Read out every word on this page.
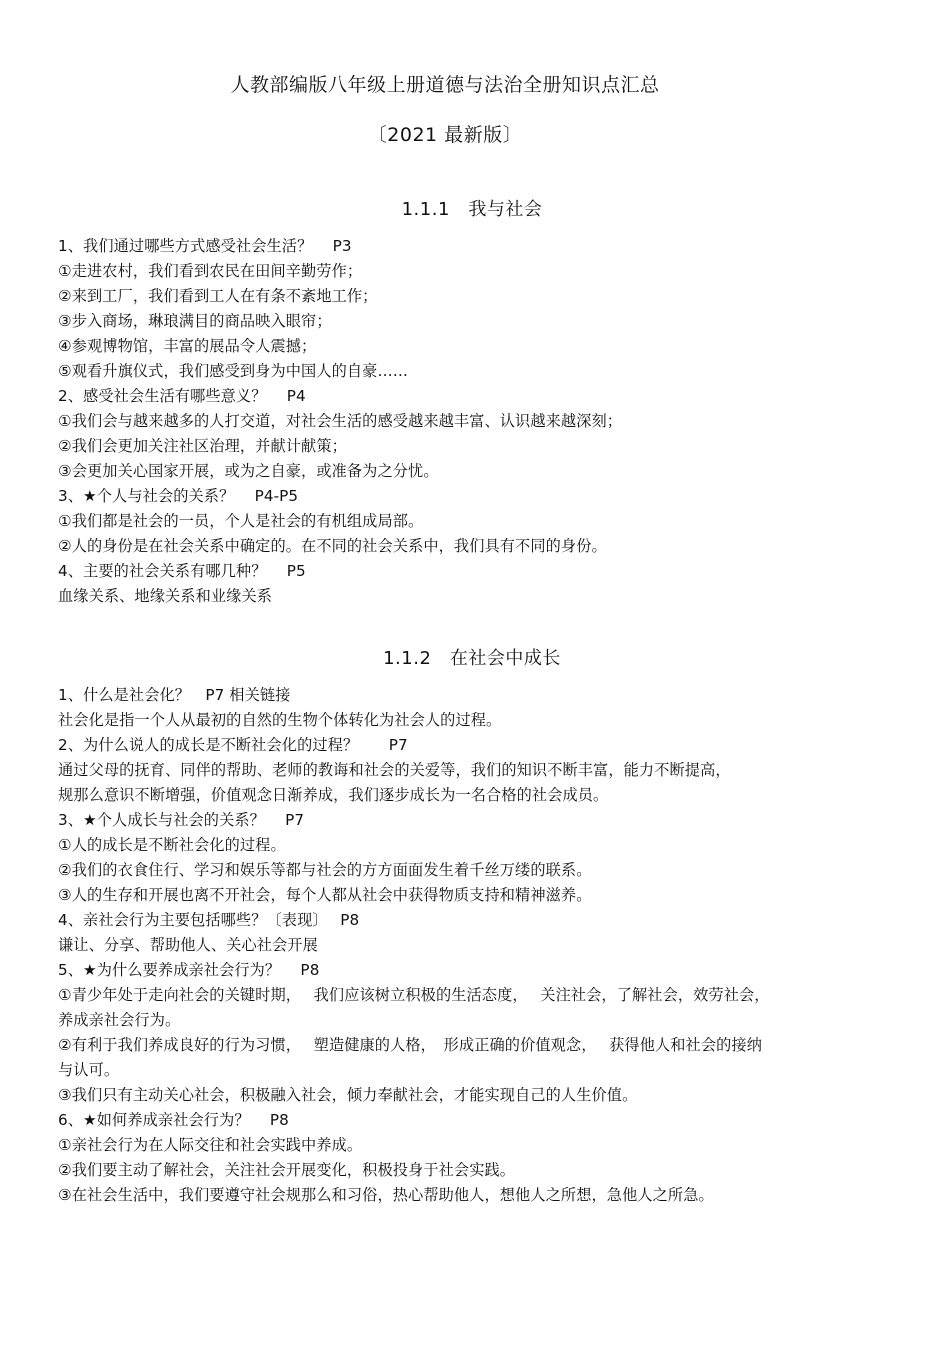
人教部编版八年级上册道德与法治全册知识点汇总
〔2021 最新版〕
1.1.1　我与社会
1、我们通过哪些方式感受社会生活？　 P3
①走进农村，我们看到农民在田间辛勤劳作；
②来到工厂，我们看到工人在有条不紊地工作；
③步入商场，琳琅满目的商品映入眼帘；
④参观博物馆，丰富的展品令人震撼；
⑤观看升旗仪式，我们感受到身为中国人的自豪……
2、感受社会生活有哪些意义？　 P4
①我们会与越来越多的人打交道，对社会生活的感受越来越丰富、认识越来越深刻；
②我们会更加关注社区治理，并献计献策；
③会更加关心国家开展，或为之自豪，或准备为之分忧。
3、★个人与社会的关系？　 P4-P5
①我们都是社会的一员，个人是社会的有机组成局部。
②人的身份是在社会关系中确定的。在不同的社会关系中，我们具有不同的身份。
4、主要的社会关系有哪几种？　 P5
血缘关系、地缘关系和业缘关系
1.1.2　在社会中成长
1、什么是社会化？　P7 相关链接
社会化是指一个人从最初的自然的生物个体转化为社会人的过程。
2、为什么说人的成长是不断社会化的过程？　　P7
通过父母的抚育、同伴的帮助、老师的教诲和社会的关爱等，我们的知识不断丰富，能力不断提高，
规那么意识不断增强，价值观念日渐养成，我们逐步成长为一名合格的社会成员。
3、★个人成长与社会的关系？　 P7
①人的成长是不断社会化的过程。
②我们的衣食住行、学习和娱乐等都与社会的方方面面发生着千丝万缕的联系。
③人的生存和开展也离不开社会，每个人都从社会中获得物质支持和精神滋养。
4、亲社会行为主要包括哪些？〔表现〕　 P8
谦让、分享、帮助他人、关心社会开展
5、★为什么要养成亲社会行为？　 P8
①青少年处于走向社会的关键时期，　 我们应该树立积极的生活态度，　 关注社会，了解社会，效劳社会，
养成亲社会行为。
②有利于我们养成良好的行为习惯，　 塑造健康的人格，　形成正确的价值观念，　 获得他人和社会的接纳
与认可。
③我们只有主动关心社会，积极融入社会，倾力奉献社会，才能实现自己的人生价值。
6、★如何养成亲社会行为？　 P8
①亲社会行为在人际交往和社会实践中养成。
②我们要主动了解社会，关注社会开展变化，积极投身于社会实践。
③在社会生活中，我们要遵守社会规那么和习俗，热心帮助他人，想他人之所想，急他人之所急。
